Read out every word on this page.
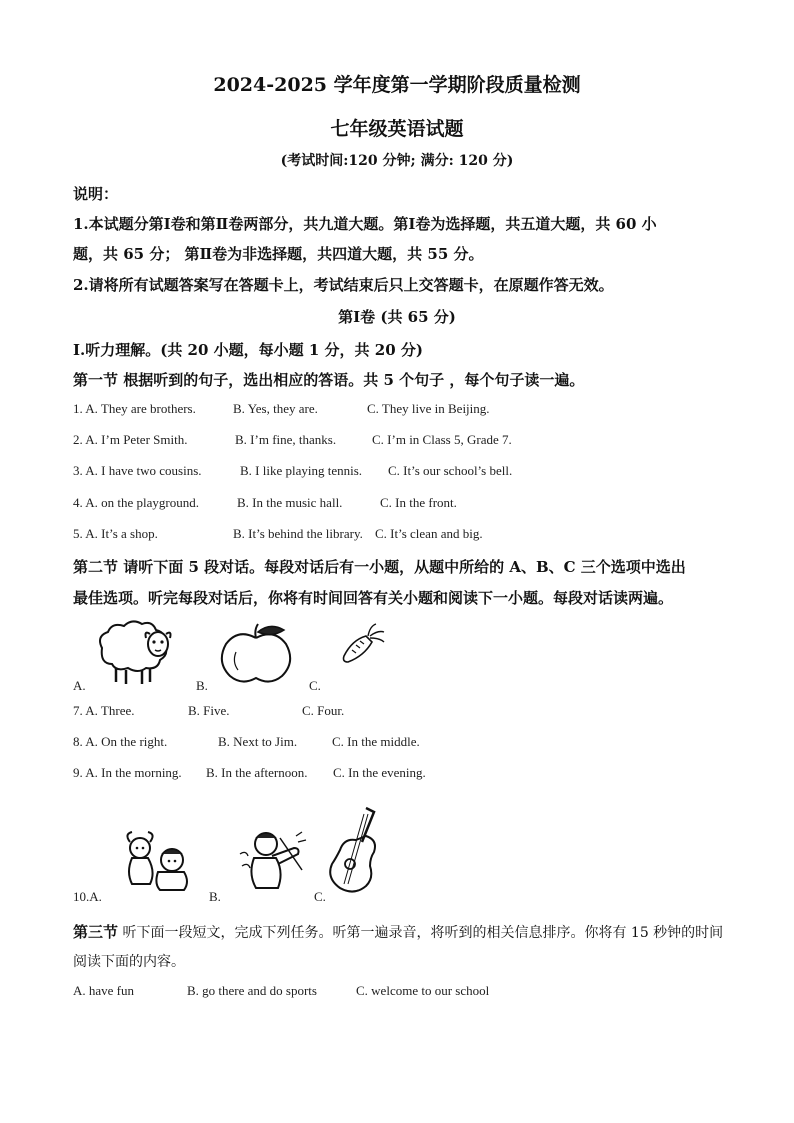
2024-2025 学年度第一学期阶段质量检测
七年级英语试题
(考试时间:120 分钟; 满分: 120 分)
说明：
1.本试题分第Ⅰ卷和第Ⅱ卷两部分，共九道大题。第Ⅰ卷为选择题，共五道大题，共 60 小
题，共 65 分； 第Ⅱ卷为非选择题，共四道大题，共 55 分。
2.请将所有试题答案写在答题卡上，考试结束后只上交答题卡，在原题作答无效。
第Ⅰ卷 (共 65 分)
Ⅰ.听力理解。(共 20 小题，每小题 1 分，共 20 分)
第一节 根据听到的句子，选出相应的答语。共 5 个句子 ，每个句子读一遍。
1. A. They are brothers.	B. Yes, they are.	C. They live in Beijing.
2. A. I’m Peter Smith.	B. I’m fine, thanks.	C. I’m in Class 5, Grade 7.
3. A. I have two cousins.	B. I like playing tennis. C. It’s our school’s bell.
4. A. on the playground.	B. In the music hall.	C. In the front.
5. A. It’s a shop.	B. It’s behind the library. C. It’s clean and big.
第二节 请听下面 5 段对话。每段对话后有一小题，从题中所给的 A、B、C 三个选项中选出
最佳选项。听完每段对话后，你将有时间回答有关小题和阅读下一小题。每段对话读两遍。
A.	B.	C.
7. A. Three.	B. Five.	C. Four.
8. A. On the right.	B. Next to Jim.	C. In the middle.
9. A. In the morning. B. In the afternoon. C. In the evening.
10.A.	B.	C.
第三节 听下面一段短文，完成下列任务。听第一遍录音，将听到的相关信息排序。你将有 15 秒钟的时间
阅读下面的内容。
A. have fun	B. go there and do sports	C. welcome to our school
